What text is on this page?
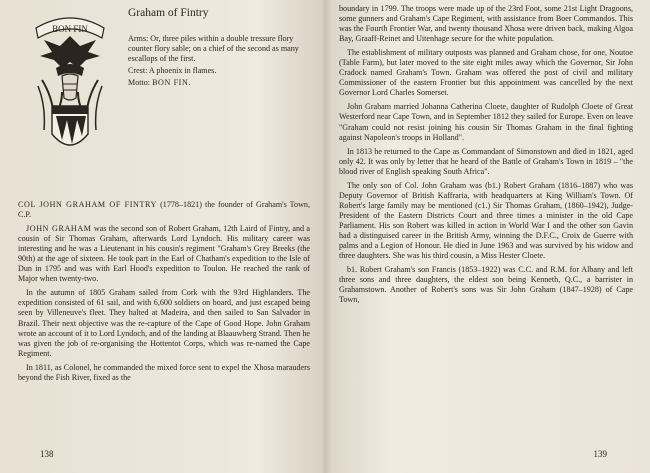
BON FIN
Graham of Fintry

Arms: Or, three piles within a double tressure flory counter flory sable; on a chief of the second as many escallops of the first.

Crest: A phoenix in flames.

Motto: BON FIN.

COL JOHN GRAHAM OF FINTRY (1778–1821) the founder of Graham's Town, C.P.

JOHN GRAHAM was the second son of Robert Graham, 12th Laird of Fintry, and a cousin of Sir Thomas Graham, afterwards Lord Lyndoch. His military career was interesting and he was a Lieutenant in his cousin's regiment "Graham's Grey Breeks (the 90th) at the age of sixteen. He took part in the Earl of Chatham's expedition to the Isle of Dun in 1795 and was with Earl Hood's expedition to Toulon. He reached the rank of Major when twenty-two.

In the autumn of 1805 Graham sailed from Cork with the 93rd Highlanders. The expedition consisted of 61 sail, and with 6,600 soldiers on board, and just escaped being seen by Villeneuve's fleet. They halted at Madeira, and then sailed to San Salvador in Brazil. Their next objective was the re-capture of the Cape of Good Hope. John Graham wrote an account of it to Lord Lyndoch, and of the landing at Blaauwberg Strand. Then he was given the job of re-organising the Hottentot Corps, which was re-named the Cape Regiment.

In 1811, as Colonel, he commanded the mixed force sent to expel the Xhosa marauders beyond the Fish River, fixed as the

138

boundary in 1799. The troops were made up of the 23rd Foot, some 21st Light Dragoons, some gunners and Graham's Cape Regiment, with assistance from Boer Commandos. This was the Fourth Frontier War, and twenty thousand Xhosa were driven back, making Algoa Bay, Graaff-Reinet and Uitenhage secure for the white population.

The establishment of military outposts was planned and Graham chose, for one, Noutoe (Table Farm), but later moved to the site eight miles away which the Governor, Sir John Cradock named Graham's Town. Graham was offered the post of civil and military Commissioner of the eastern Frontier but this appointment was cancelled by the next Governor Lord Charles Somerset.

John Graham married Johanna Catherina Cloete, daughter of Rudolph Cloete of Great Westerford near Cape Town, and in September 1812 they sailed for Europe. Even on leave "Graham could not resist joining his cousin Sir Thomas Graham in the final fighting against Napoleon's troops in Holland".

In 1813 he returned to the Cape as Commandant of Simonstown and died in 1821, aged only 42. It was only by letter that he heard of the Battle of Graham's Town in 1819 – "the blood river of English speaking South Africa".

The only son of Col. John Graham was (b1.) Robert Graham (1816–1887) who was Deputy Governor of British Kaffraria, with headquarters at King William's Town. Of Robert's large family may be mentioned (c1.) Sir Thomas Graham, (1860–1942), Judge-President of the Eastern Districts Court and three times a minister in the old Cape Parliament. His son Robert was killed in action in World War I and the other son Gavin had a distinguised career in the British Army, winning the D.F.C., Croix de Guerre with palms and a Legion of Honour. He died in June 1963 and was survived by his widow and three daughters. She was his third cousin, a Miss Hester Cloete.

b1. Robert Graham's son Francis (1853–1922) was C.C. and R.M. for Albany and left three sons and three daughters, the eldest son being Kenneth, Q.C., a barrister in Grahamstown. Another of Robert's sons was Sir John Graham (1847–1928) of Cape Town,

139
